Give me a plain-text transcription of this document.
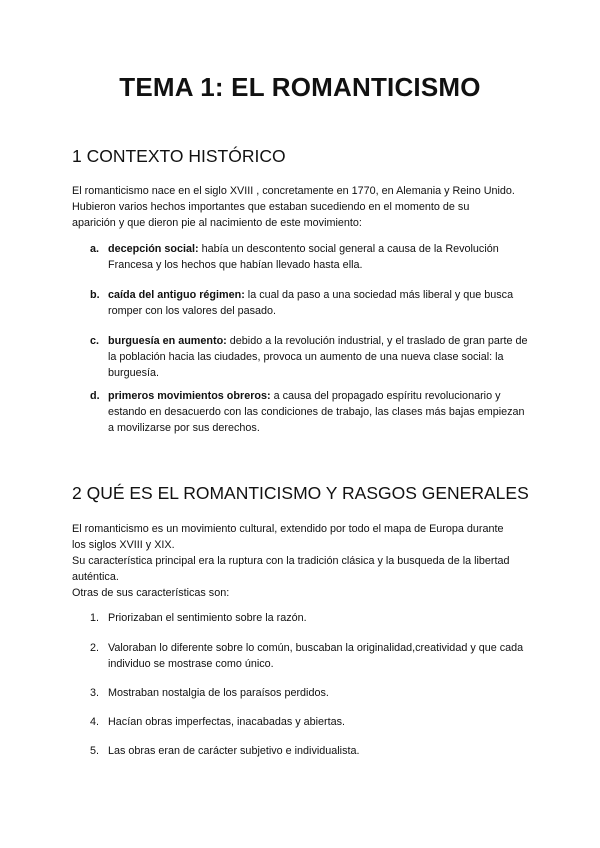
TEMA 1: EL ROMANTICISMO
1 CONTEXTO HISTÓRICO
El romanticismo nace en el siglo XVIII , concretamente en 1770, en Alemania y Reino Unido.
Hubieron varios hechos importantes que estaban sucediendo en el momento de su
aparición y que dieron pie al nacimiento de este movimiento:
a. decepción social: había un descontento social general a causa de la Revolución Francesa y los hechos que habían llevado hasta ella.
b. caída del antiguo régimen: la cual da paso a una sociedad más liberal y que busca romper con los valores del pasado.
c. burguesía en aumento: debido a la revolución industrial, y el traslado de gran parte de la población hacia las ciudades, provoca un aumento de una nueva clase social: la burguesía.
d. primeros movimientos obreros: a causa del propagado espíritu revolucionario y estando en desacuerdo con las condiciones de trabajo, las clases más bajas empiezan a movilizarse por sus derechos.
2 QUÉ ES EL ROMANTICISMO Y RASGOS GENERALES
El romanticismo es un movimiento cultural, extendido por todo el mapa de Europa durante
los siglos XVIII y XIX.
Su característica principal era la ruptura con la tradición clásica y la busqueda de la libertad
auténtica.
Otras de sus características son:
1. Priorizaban el sentimiento sobre la razón.
2. Valoraban lo diferente sobre lo común, buscaban la originalidad,creatividad y que cada individuo se mostrase como único.
3. Mostraban nostalgia de los paraísos perdidos.
4. Hacían obras imperfectas, inacabadas y abiertas.
5. Las obras eran de carácter subjetivo e individualista.
